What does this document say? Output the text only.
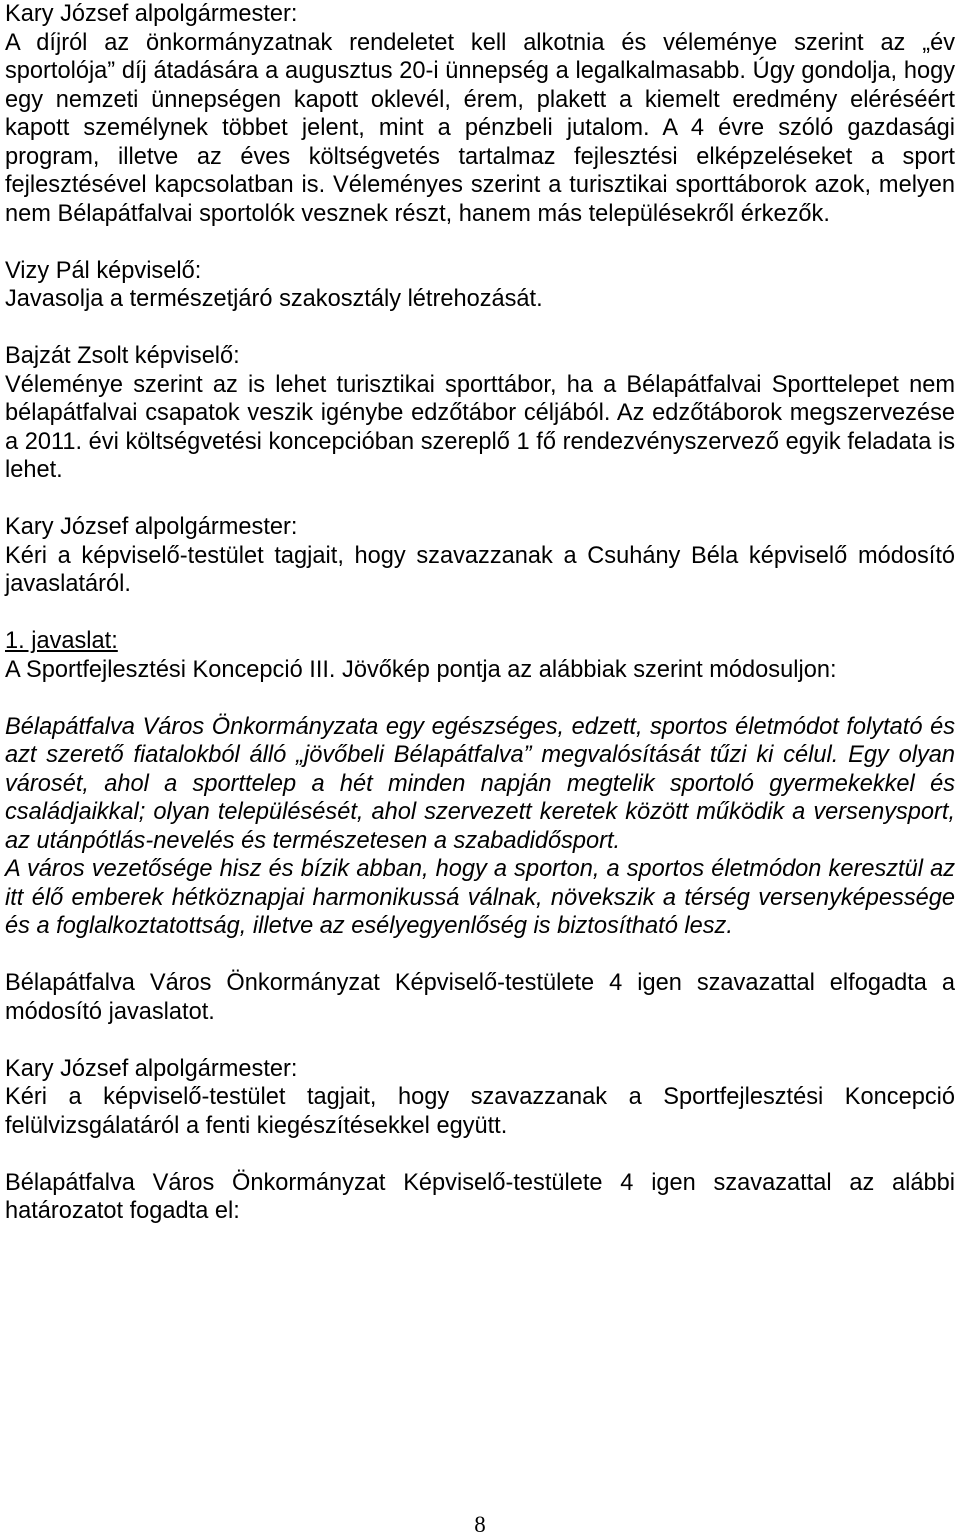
Kary József alpolgármester:

A díjról az önkormányzatnak rendeletet kell alkotnia és véleménye szerint az „év sportolója” díj átadására a augusztus 20-i ünnepség a legalkalmasabb. Úgy gondolja, hogy egy nemzeti ünnepségen kapott oklevél, érem, plakett a kiemelt eredmény eléréséért kapott személynek többet jelent, mint a pénzbeli jutalom. A 4 évre szóló gazdasági program, illetve az éves költségvetés tartalmaz fejlesztési elképzeléseket a sport fejlesztésével kapcsolatban is. Véleményes szerint a turisztikai sporttáborok azok, melyen nem Bélapátfalvai sportolók vesznek részt, hanem más településekről érkezők.

Vizy Pál képviselő:

Javasolja a természetjáró szakosztály létrehozását.

Bajzát Zsolt képviselő:

Véleménye szerint az is lehet turisztikai sporttábor, ha a Bélapátfalvai Sporttelepet nem bélapátfalvai csapatok veszik igénybe edzőtábor céljából. Az edzőtáborok megszervezése a 2011. évi költségvetési koncepcióban szereplő 1 fő rendezvényszervező egyik feladata is lehet.

Kary József alpolgármester:

Kéri a képviselő-testület tagjait, hogy szavazzanak a Csuhány Béla képviselő módosító javaslatáról.

1. javaslat:

A Sportfejlesztési Koncepció III. Jövőkép pontja az alábbiak szerint módosuljon:

Bélapátfalva Város Önkormányzata egy egészséges, edzett, sportos életmódot folytató és azt szerető fiatalokból álló „jövőbeli Bélapátfalva” megvalósítását tűzi ki célul. Egy olyan városét, ahol a sporttelep a hét minden napján megtelik sportoló gyermekekkel és családjaikkal; olyan településését, ahol szervezett keretek között működik a versenysport, az utánpótlás-nevelés és természetesen a szabadidősport.

A város vezetősége hisz és bízik abban, hogy a sporton, a sportos életmódon keresztül az itt élő emberek hétköznapjai harmonikussá válnak, növekszik a térség versenyképessége és a foglalkoztatottság, illetve az esélyegyenlőség is biztosítható lesz.

Bélapátfalva Város Önkormányzat Képviselő-testülete 4 igen szavazattal elfogadta a módosító javaslatot.

Kary József alpolgármester:

Kéri a képviselő-testület tagjait, hogy szavazzanak a Sportfejlesztési Koncepció felülvizsgálatáról a fenti kiegészítésekkel együtt.

Bélapátfalva Város Önkormányzat Képviselő-testülete 4 igen szavazattal az alábbi határozatot fogadta el:

8
